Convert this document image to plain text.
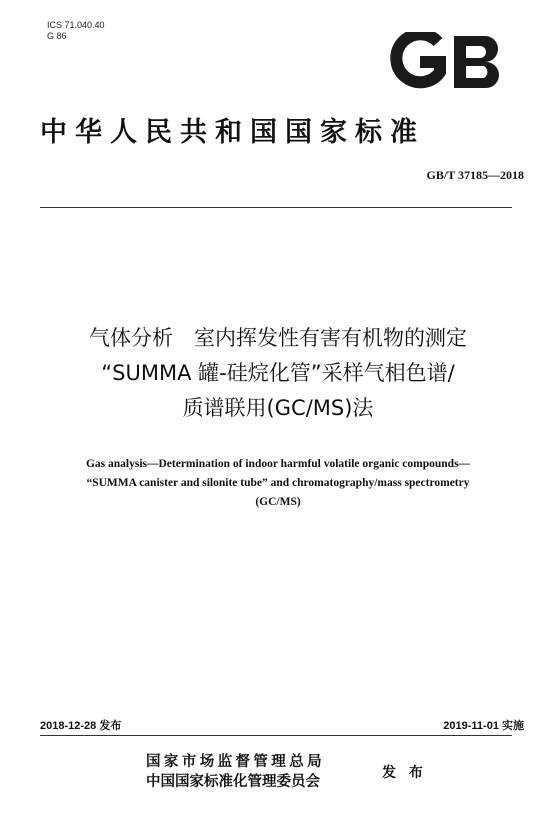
ICS 71.040.40
G 86
中华人民共和国国家标准
GB/T 37185—2018
气体分析　室内挥发性有害有机物的测定
“SUMMA 罐-硅烷化管”采样气相色谱/
质谱联用(GC/MS)法
Gas analysis—Determination of indoor harmful volatile organic compounds—
“SUMMA canister and silonite tube” and chromatography/mass spectrometry
(GC/MS)
2018-12-28 发布	2019-11-01 实施
国家市场监督管理总局
中国国家标准化管理委员会
发 布
